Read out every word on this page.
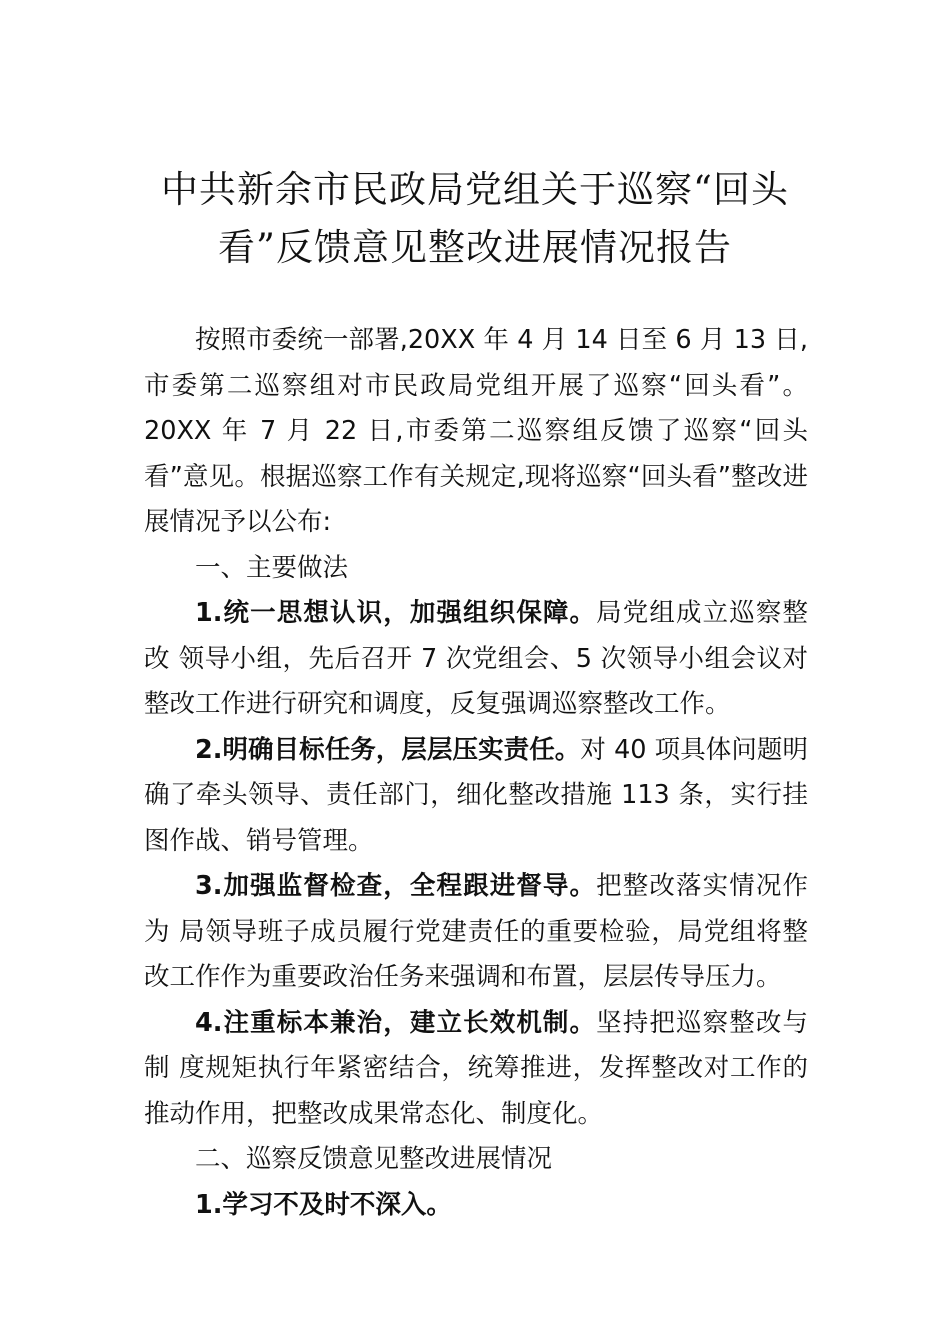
中共新余市民政局党组关于巡察“回头
看”反馈意见整改进展情况报告

按照市委统一部署,20XX 年 4 月 14 日至 6 月 13 日,市委第二巡察组对市民政局党组开展了巡察“回头看”。20XX 年 7 月 22 日,市委第二巡察组反馈了巡察“回头看”意见。根据巡察工作有关规定,现将巡察“回头看”整改进展情况予以公布:

一、主要做法

1.统一思想认识，加强组织保障。局党组成立巡察整改 领导小组，先后召开 7 次党组会、5 次领导小组会议对整改工作进行研究和调度，反复强调巡察整改工作。

2.明确目标任务，层层压实责任。对 40 项具体问题明确了牵头领导、责任部门，细化整改措施 113 条，实行挂图作战、销号管理。

3.加强监督检查，全程跟进督导。把整改落实情况作为 局领导班子成员履行党建责任的重要检验，局党组将整改工作作为重要政治任务来强调和布置，层层传导压力。

4.注重标本兼治，建立长效机制。坚持把巡察整改与制 度规矩执行年紧密结合，统筹推进，发挥整改对工作的推动作用，把整改成果常态化、制度化。

二、巡察反馈意见整改进展情况

1.学习不及时不深入。
